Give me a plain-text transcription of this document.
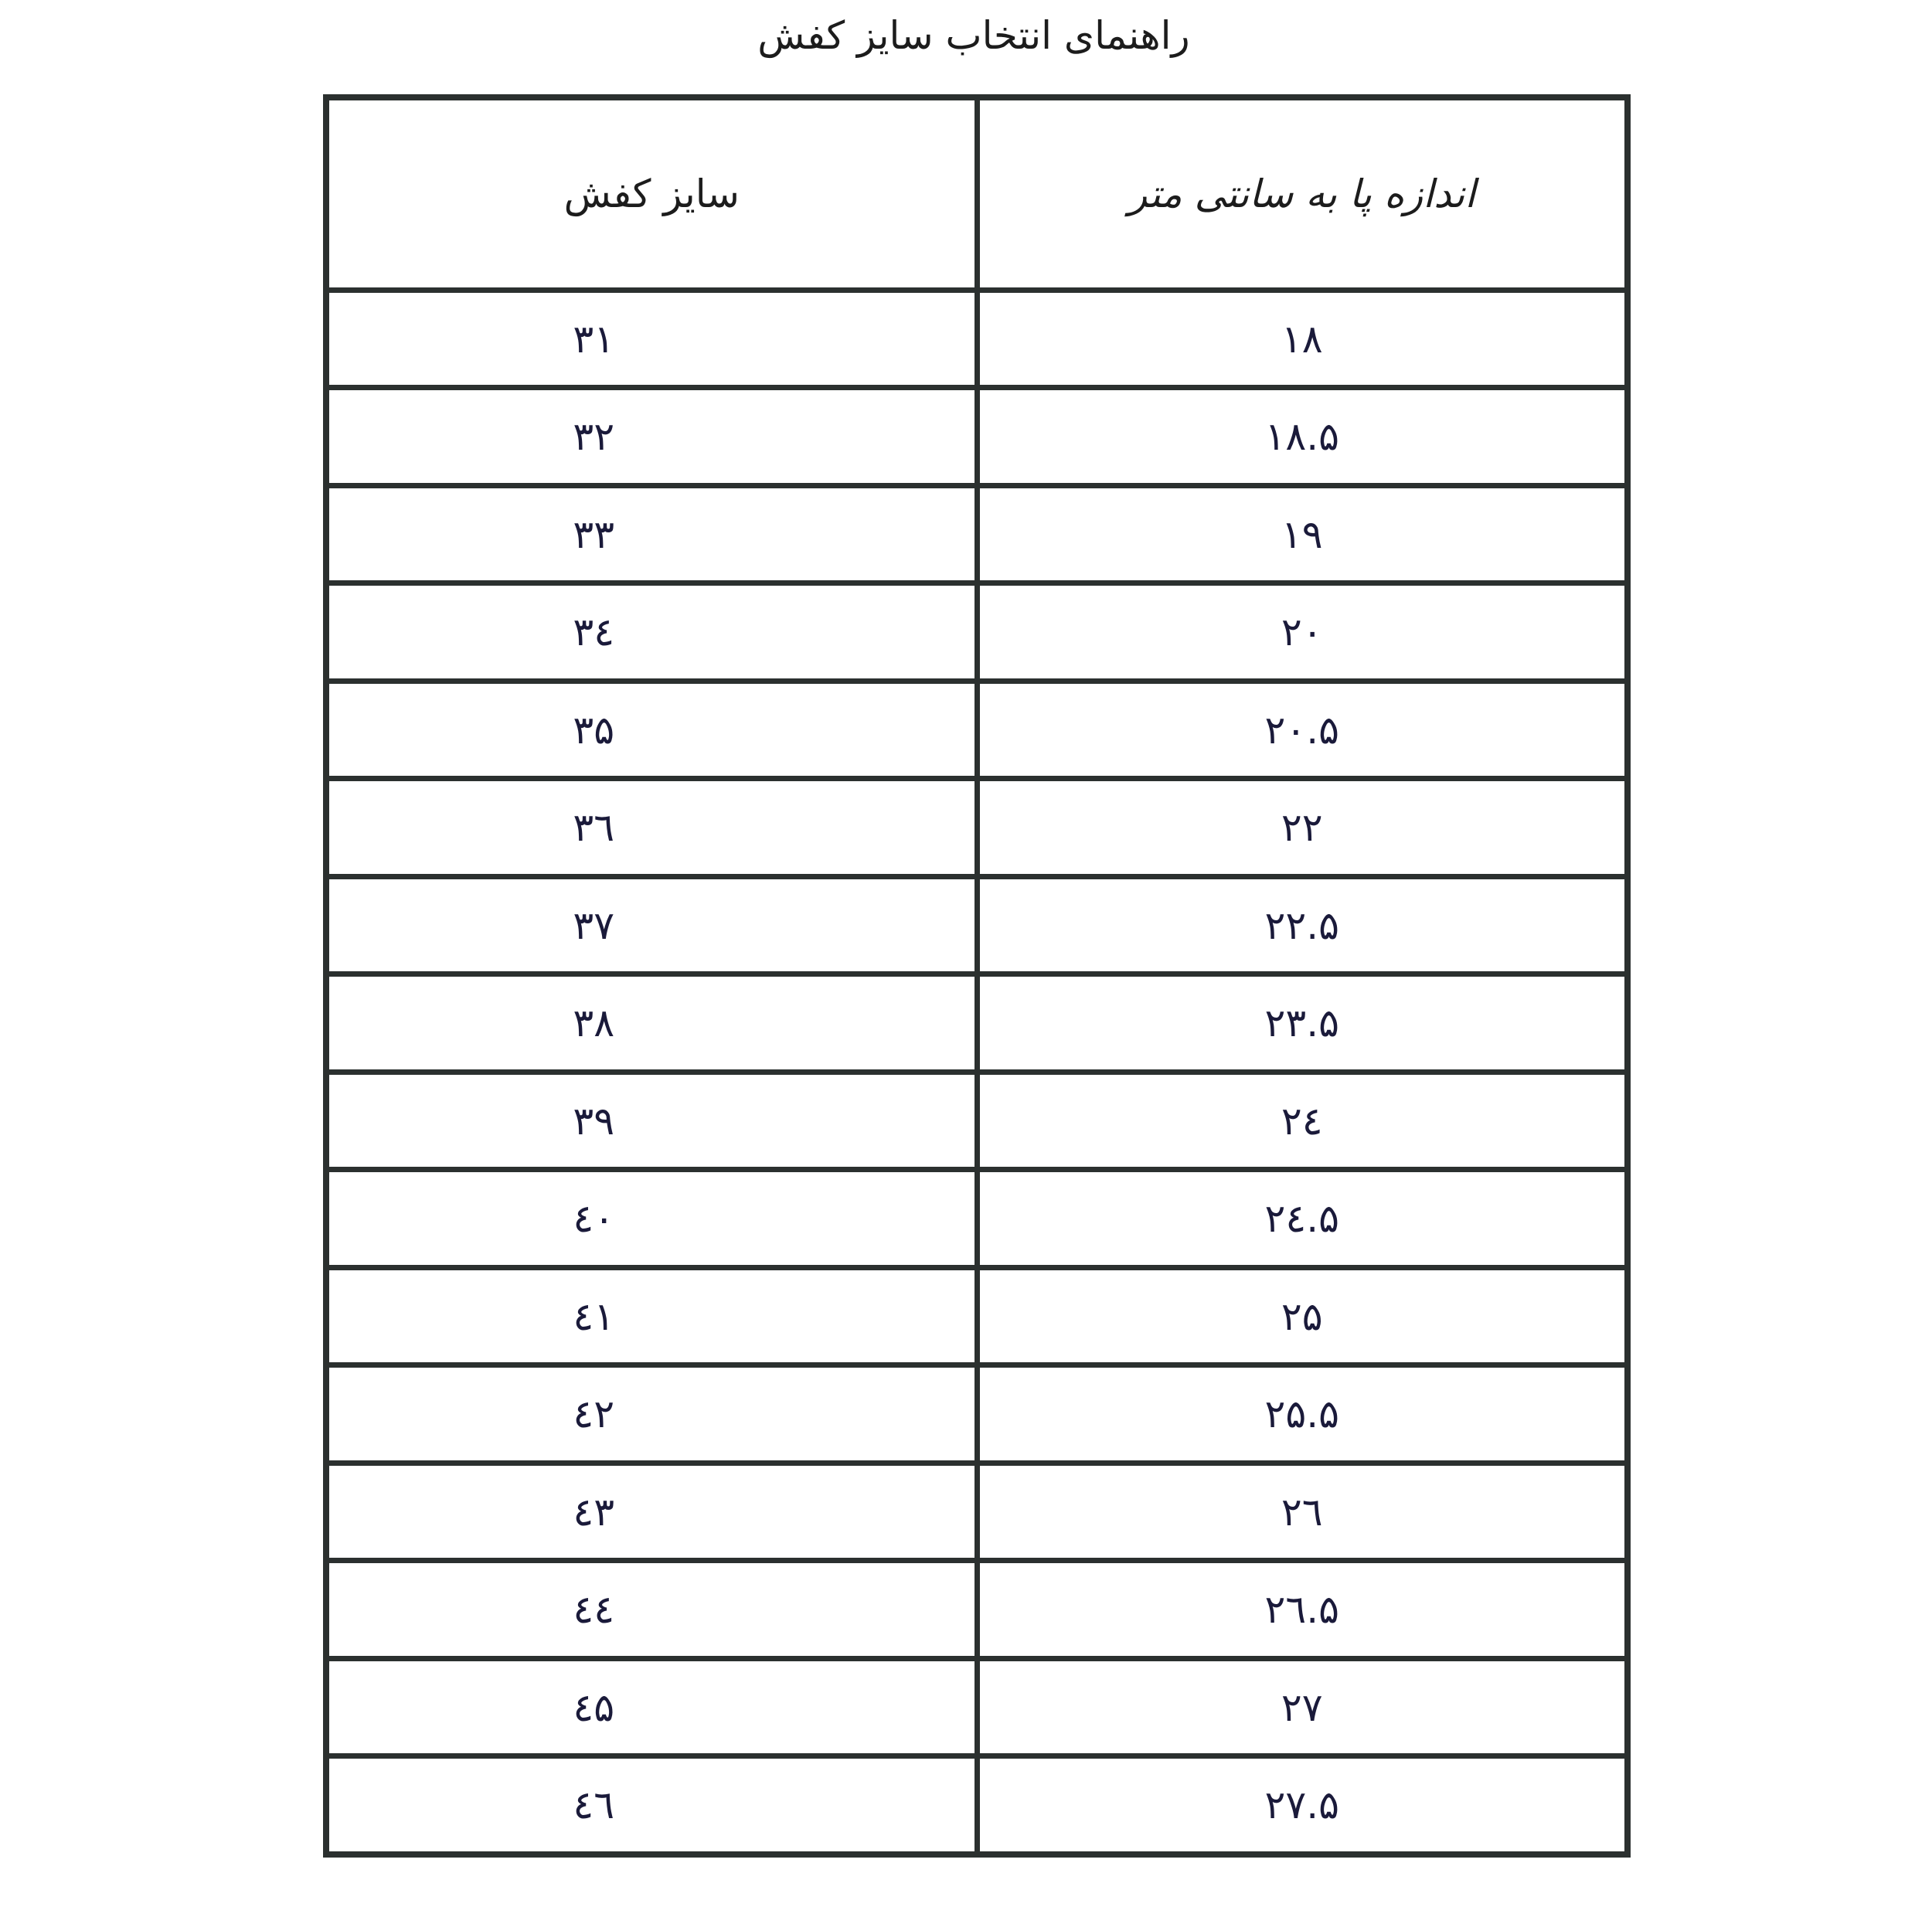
راهنمای انتخاب سایز کفش
سایز کفش	اندازه پا به سانتی متر
۳۱	۱۸
۳۲	۱۸.۵
۳۳	۱۹
۳٤	۲۰
۳۵	۲۰.۵
۳٦	۲۲
۳۷	۲۲.۵
۳۸	۲۳.۵
۳۹	۲٤
٤۰	۲٤.۵
٤۱	۲۵
٤۲	۲۵.۵
٤۳	۲٦
٤٤	۲٦.۵
٤۵	۲۷
٤٦	۲۷.۵
